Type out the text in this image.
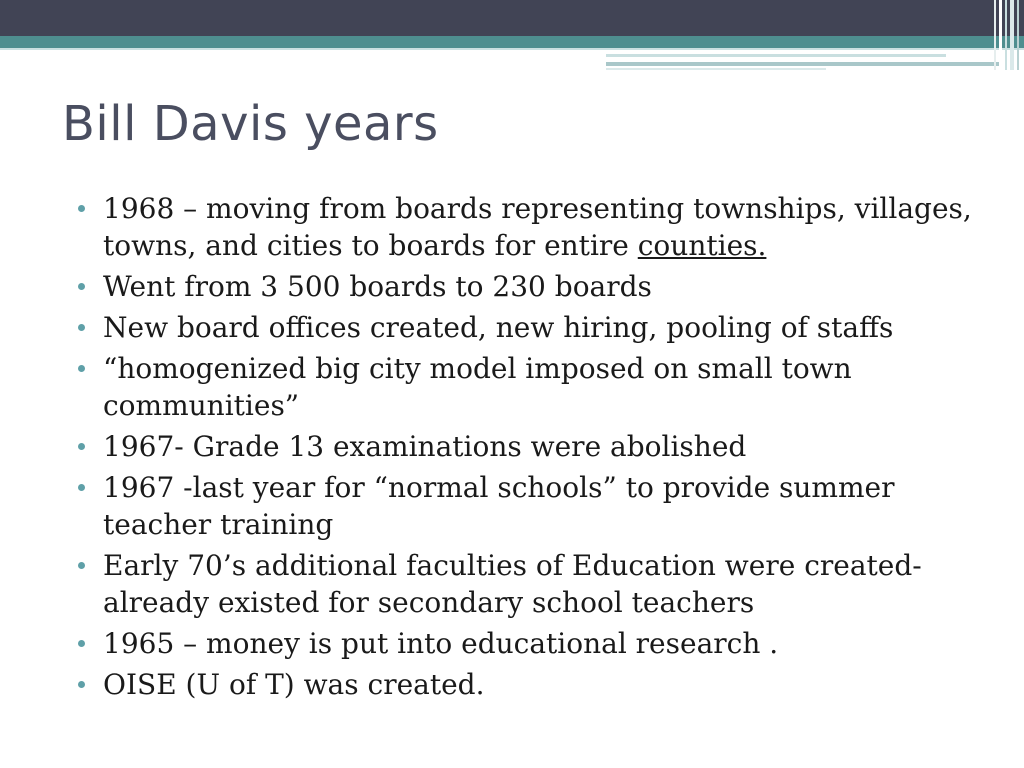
Bill Davis years
1968 – moving from boards representing townships, villages, towns, and cities to boards for entire counties.
Went from 3 500 boards to 230 boards
New board offices created, new hiring, pooling of staffs
“homogenized big city model imposed on small town communities”
1967- Grade 13 examinations were abolished
1967 -last year for “normal schools” to provide summer teacher training
Early 70’s additional faculties of Education were created- already existed for secondary school teachers
1965 – money is put into educational research .
OISE (U of T) was created.
